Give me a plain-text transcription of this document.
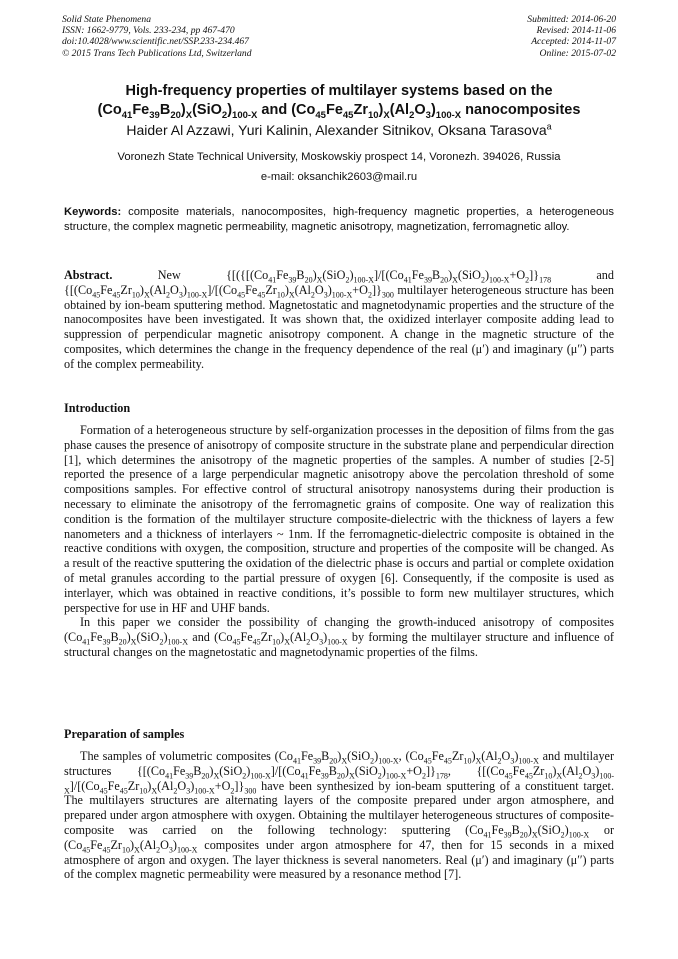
Solid State Phenomena
ISSN: 1662-9779, Vols. 233-234, pp 467-470
doi:10.4028/www.scientific.net/SSP.233-234.467
© 2015 Trans Tech Publications Ltd, Switzerland
Submitted: 2014-06-20
Revised: 2014-11-06
Accepted: 2014-11-07
Online: 2015-07-02
High-frequency properties of multilayer systems based on the
$(Co_{41}Fe_{39}B_{20})_X(SiO_2)_{100-X}$ and $(Co_{45}Fe_{45}Zr_{10})_X(Al_2O_3)_{100-X}$ nanocomposites
Haider Al Azzawi, Yuri Kalinin, Alexander Sitnikov, Oksana Tarasova$^a$
Voronezh State Technical University, Moskowskiy prospect 14, Voronezh. 394026, Russia
e-mail: oksanchik2603@mail.ru
Keywords: composite materials, nanocomposites, high-frequency magnetic properties, a heterogeneous structure, the complex magnetic permeability, magnetic anisotropy, magnetization, ferromagnetic alloy.
Abstract. New {[($\{[(Co_{41}Fe_{39}B_{20})_X(SiO_2)_{100-X}]/[(Co_{41}Fe_{39}B_{20})_X(SiO_2)_{100-X}+O_2]\}_{178}$ and $\{[(Co_{45}Fe_{45}Zr_{10})_X(Al_2O_3)_{100-X}]/[(Co_{45}Fe_{45}Zr_{10})_X(Al_2O_3)_{100-X}+O_2]\}_{300}$ multilayer heterogeneous structure has been obtained by ion-beam sputtering method. Magnetostatic and magnetodynamic properties and the structure of the nanocomposites have been investigated. It was shown that, the oxidized interlayer composite adding lead to suppression of perpendicular magnetic anisotropy component. A change in the magnetic structure of the composites, which determines the change in the frequency dependence of the real (μ′) and imaginary (μ′′) parts of the complex permeability.
Introduction

Formation of a heterogeneous structure by self-organization processes in the deposition of films from the gas phase causes the presence of anisotropy of composite structure in the substrate plane and perpendicular direction [1], which determines the anisotropy of the magnetic properties of the samples. A number of studies [2-5] reported the presence of a large perpendicular magnetic anisotropy above the percolation threshold of some compositions samples. For effective control of structural anisotropy nanosystems during their production is necessary to eliminate the anisotropy of the ferromagnetic grains of composite. One way of realization this condition is the formation of the multilayer structure composite-dielectric with the thickness of layers a few nanometers and a thickness of interlayers ~ 1nm. If the ferromagnetic-dielectric composite is obtained in the reactive conditions with oxygen, the composition, structure and properties of the composite will be changed. As a result of the reactive sputtering the oxidation of the dielectric phase is occurs and partial or complete oxidation of metal granules according to the partial pressure of oxygen [6]. Consequently, if the composite is used as interlayer, which was obtained in reactive conditions, it’s possible to form new multilayer structures, which perspective for use in HF and UHF bands.

In this paper we consider the possibility of changing the growth-induced anisotropy of composites $(Co_{41}Fe_{39}B_{20})_X(SiO_2)_{100-X}$ and $(Co_{45}Fe_{45}Zr_{10})_X(Al_2O_3)_{100-X}$ by forming the multilayer structure and influence of structural changes on the magnetostatic and magnetodynamic properties of the films.

Preparation of samples

The samples of volumetric composites $(Co_{41}Fe_{39}B_{20})_X(SiO_2)_{100-X}$, $(Co_{45}Fe_{45}Zr_{10})_X(Al_2O_3)_{100-X}$ and multilayer structures $\{[(Co_{41}Fe_{39}B_{20})_X(SiO_2)_{100-X}]/[(Co_{41}Fe_{39}B_{20})_X(SiO_2)_{100-X}+O_2]\}_{178}$, $\{[(Co_{45}Fe_{45}Zr_{10})_X(Al_2O_3)_{100-X}]/[(Co_{45}Fe_{45}Zr_{10})_X(Al_2O_3)_{100-X}+O_2]\}_{300}$ have been synthesized by ion-beam sputtering of a constituent target. The multilayers structures are alternating layers of the composite prepared under argon atmosphere, and prepared under argon atmosphere with oxygen. Obtaining the multilayer heterogeneous structures of composite-composite was carried on the following technology: sputtering $(Co_{41}Fe_{39}B_{20})_X(SiO_2)_{100-X}$ or $(Co_{45}Fe_{45}Zr_{10})_X(Al_2O_3)_{100-X}$ composites under argon atmosphere for 47, then for 15 seconds in a mixed atmosphere of argon and oxygen. The layer thickness is several nanometers. Real (μ′) and imaginary (μ′′) parts of the complex magnetic permeability were measured by a resonance method [7].
